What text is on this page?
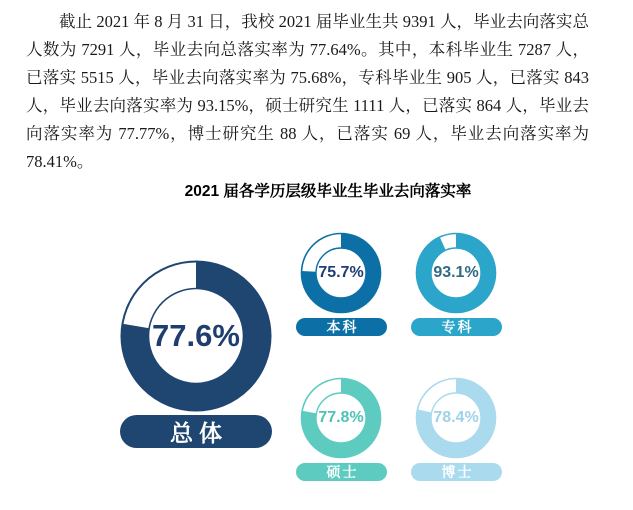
截止 2021 年 8 月 31 日，我校 2021 届毕业生共 9391 人，毕业去向落实总人数为 7291 人，毕业去向总落实率为 77.64%。其中，本科毕业生 7287 人，已落实 5515 人，毕业去向落实率为 75.68%，专科毕业生 905 人，已落实 843 人，毕业去向落实率为 93.15%，硕士研究生 1111 人，已落实 864 人，毕业去向落实率为 77.77%，博士研究生 88 人，已落实 69 人，毕业去向落实率为 78.41%。

2021 届各学历层级毕业生毕业去向落实率
77.6%
总体
75.7%
本科
93.1%
专科
77.8%
硕士
78.4%
博士
